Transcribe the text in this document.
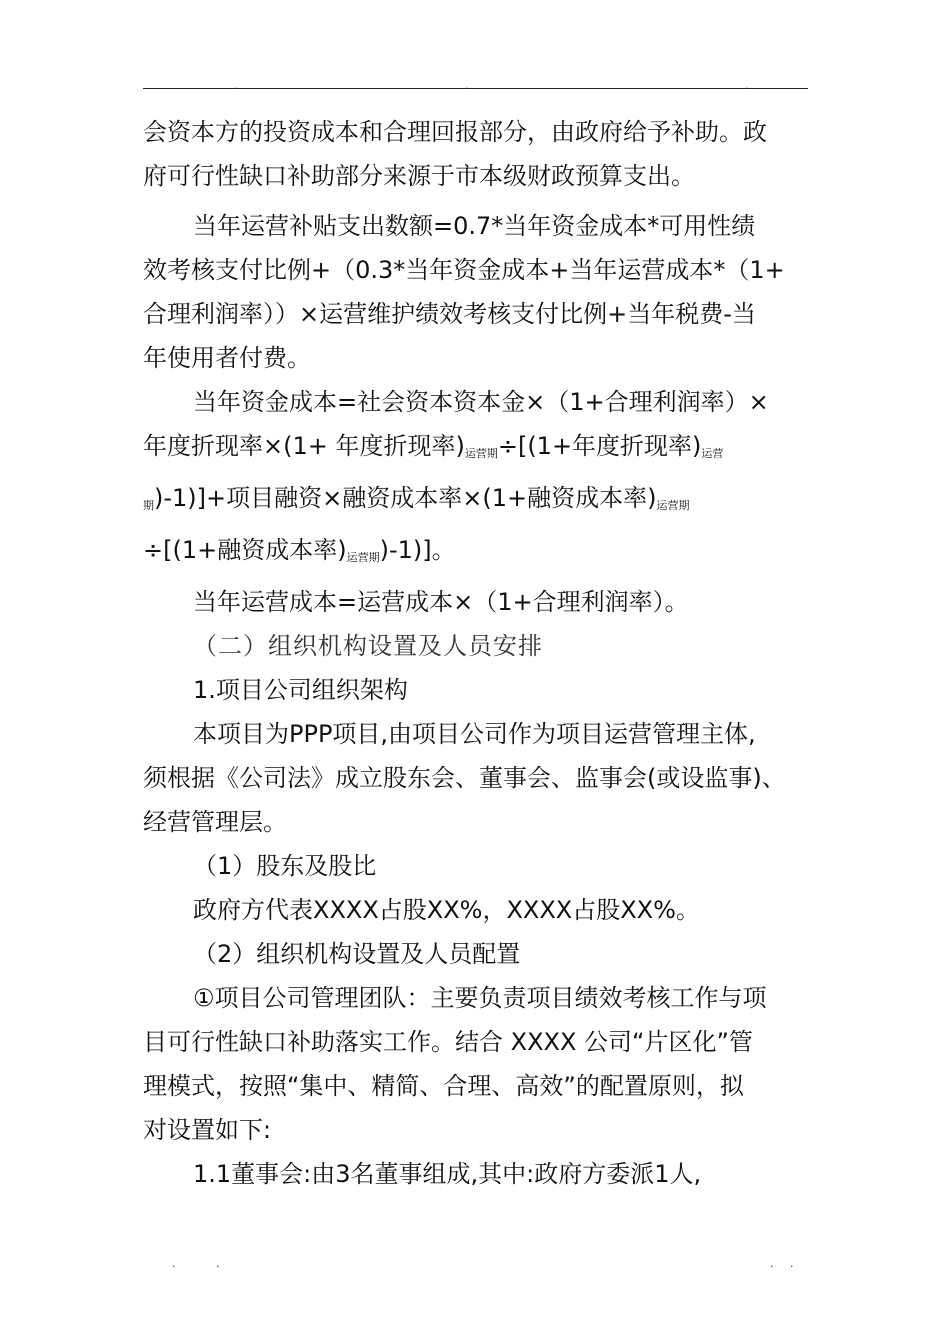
.	.	.

会资本方的投资成本和合理回报部分，由政府给予补助。政

府可行性缺口补助部分来源于市本级财政预算支出。

当年运营补贴支出数额=0.7*当年资金成本*可用性绩

效考核支付比例+（0.3*当年资金成本+当年运营成本*（1+

合理利润率））×运营维护绩效考核支付比例+当年税费-当

年使用者付费。

当年资金成本=社会资本资本金×（1+合理利润率）×

年度折现率×(1+ 年度折现率)$_{运营期}\div[(1+$年度折现率)$_{运营}$

$_期$)-1)]+项目融资×融资成本率×(1+融资成本率)$_{运营期}$

÷[(1+融资成本率)$_{运营期})-1$)]。

当年运营成本=运营成本×（1+合理利润率）。

（二）组织机构设置及人员安排

1.项目公司组织架构

本项目为PPP项目,由项目公司作为项目运营管理主体,

须根据《公司法》成立股东会、董事会、监事会(或设监事)、

经营管理层。

（1）股东及股比

政府方代表XXXX占股XX%，XXXX占股XX%。

（2）组织机构设置及人员配置

①项目公司管理团队：主要负责项目绩效考核工作与项

目可行性缺口补助落实工作。结合 XXXX 公司“片区化”管

理模式，按照“集中、精简、合理、高效”的配置原则，拟

对设置如下:

1.1董事会:由3名董事组成,其中:政府方委派1人,

.	.	. .
